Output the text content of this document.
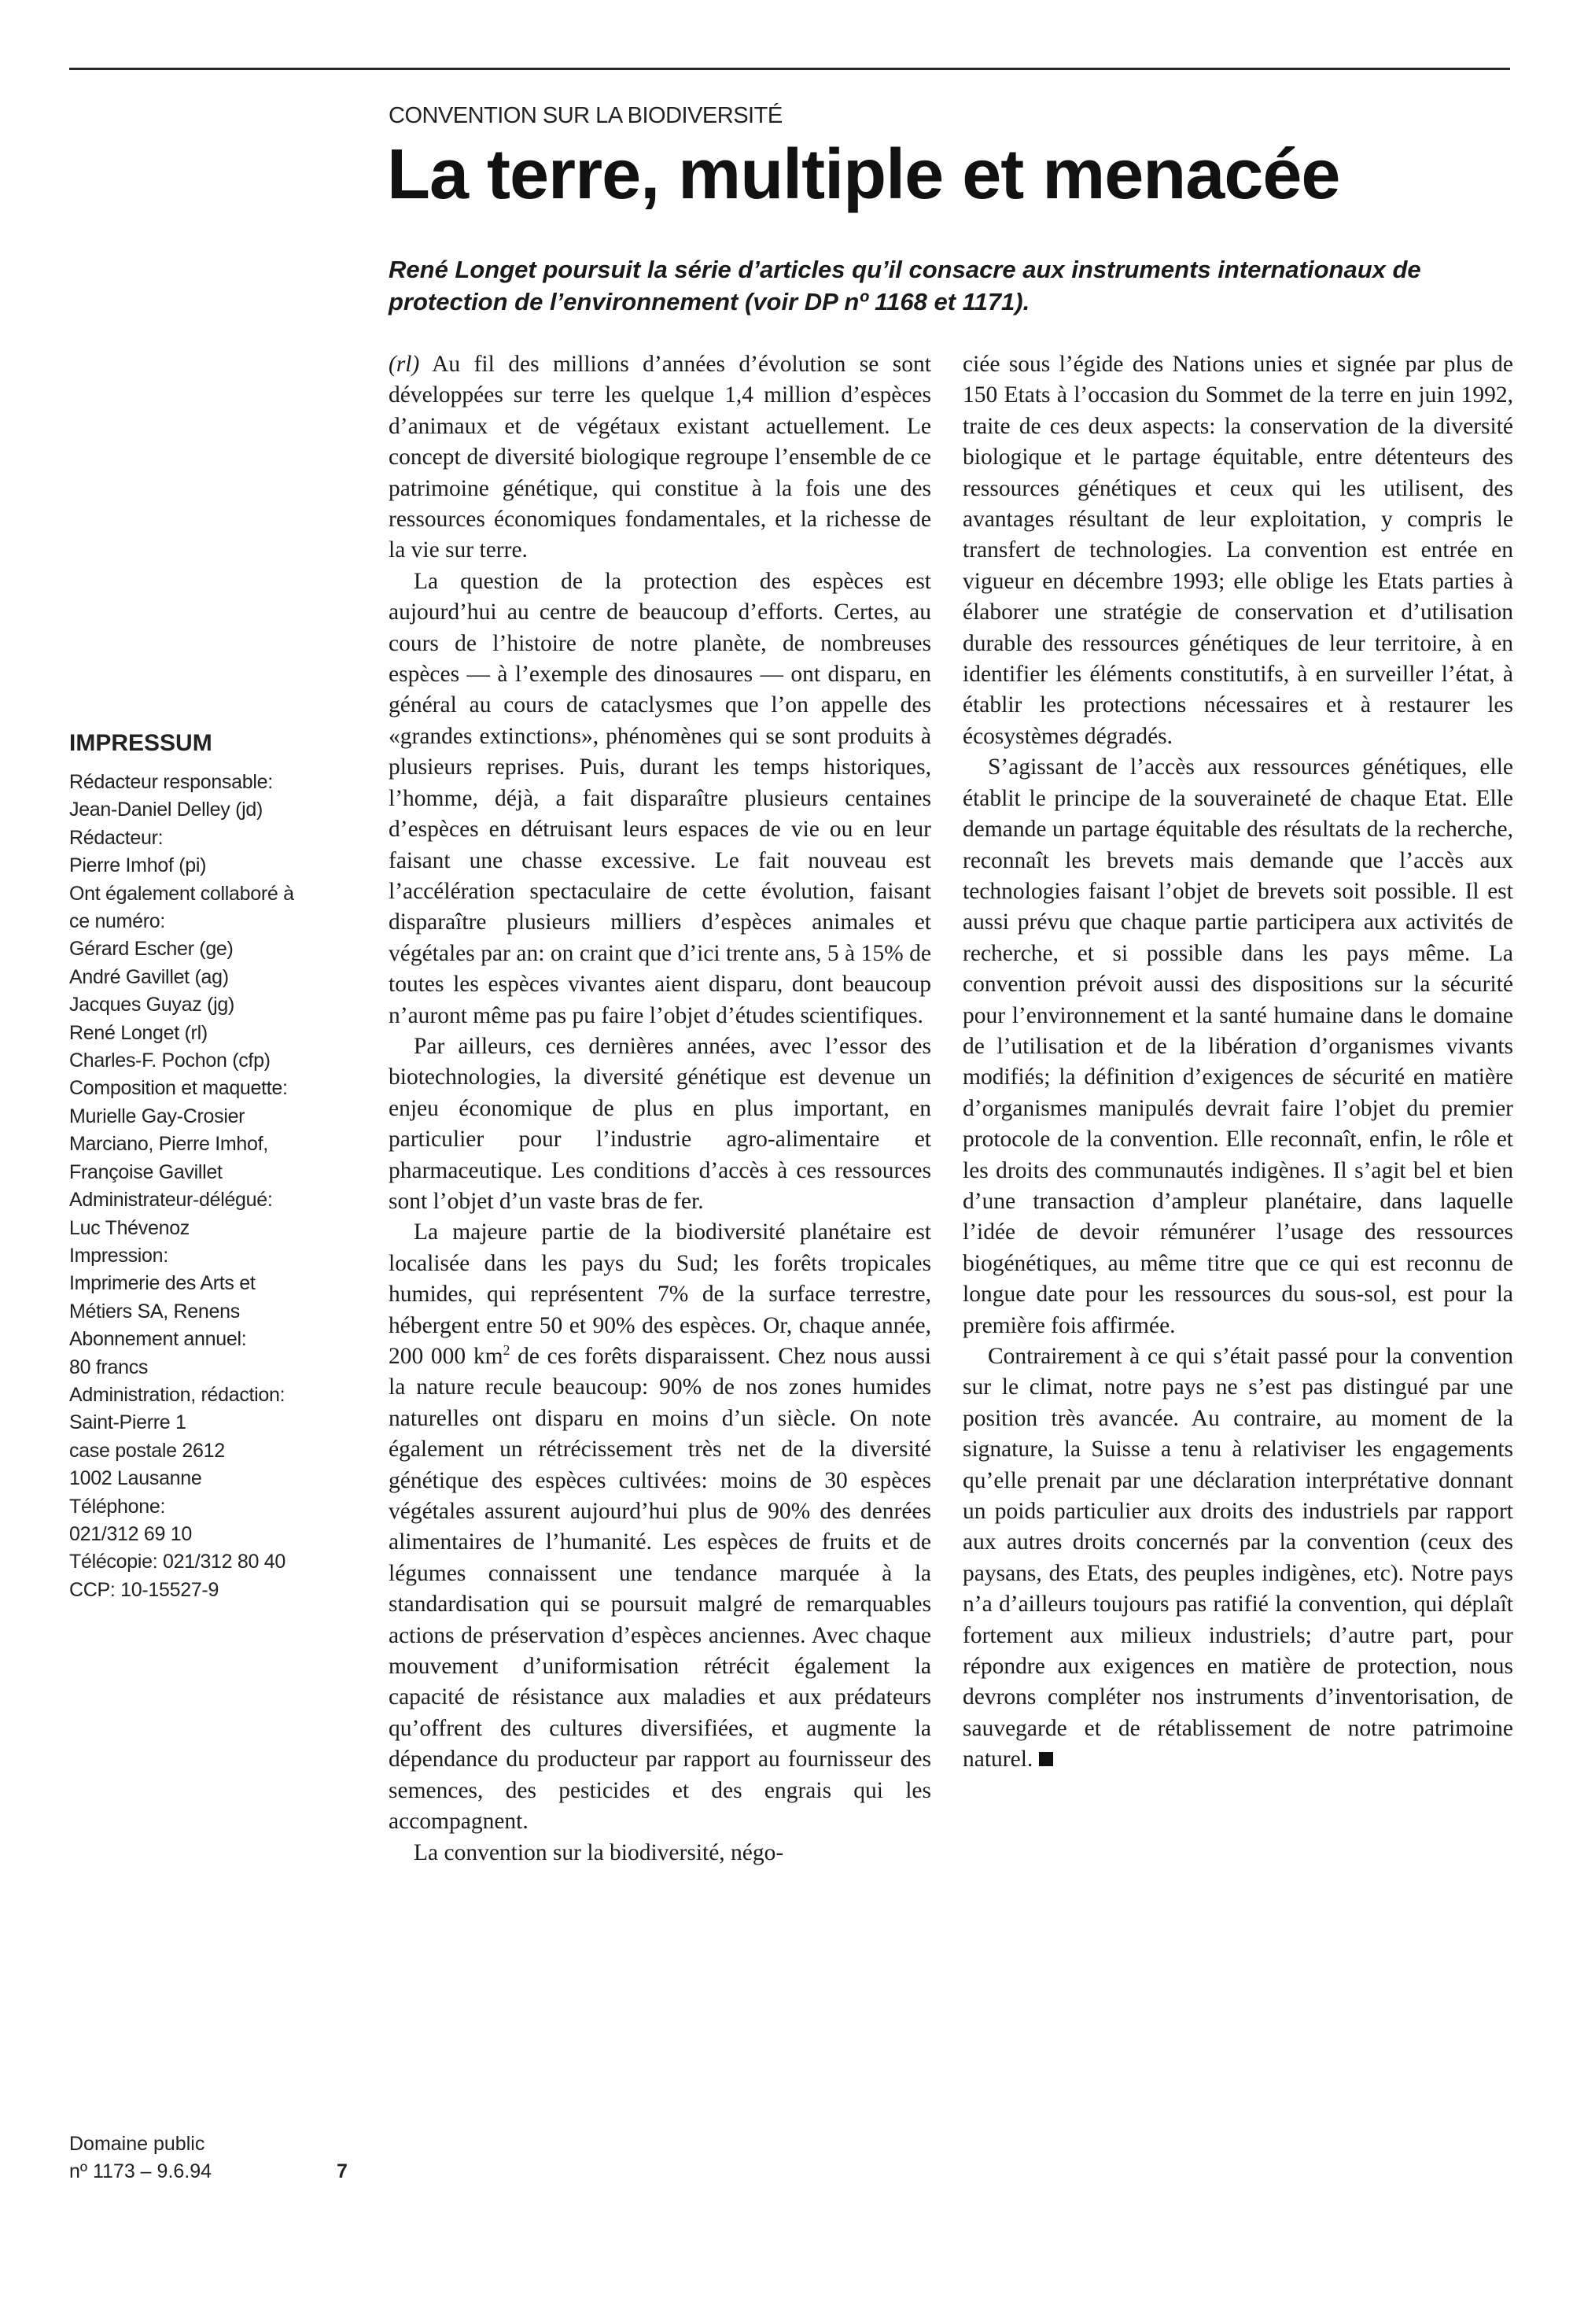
CONVENTION SUR LA BIODIVERSITÉ
La terre, multiple et menacée

René Longet poursuit la série d’articles qu’il consacre aux instruments internationaux de protection de l’environnement (voir DP nº 1168 et 1171).

IMPRESSUM
Rédacteur responsable:
Jean-Daniel Delley (jd)
Rédacteur:
Pierre Imhof (pi)
Ont également collaboré à
ce numéro:
Gérard Escher (ge)
André Gavillet (ag)
Jacques Guyaz (jg)
René Longet (rl)
Charles-F. Pochon (cfp)
Composition et maquette:
Murielle Gay-Crosier
Marciano, Pierre Imhof,
Françoise Gavillet
Administrateur-délégué:
Luc Thévenoz
Impression:
Imprimerie des Arts et
Métiers SA, Renens
Abonnement annuel:
80 francs
Administration, rédaction:
Saint-Pierre 1
case postale 2612
1002 Lausanne
Téléphone:
021/312 69 10
Télécopie: 021/312 80 40
CCP: 10-15527-9
Domaine public
nº 1173 – 9.6.94	7

(rl) Au fil des millions d’années d’évolution se sont développées sur terre les quelque 1,4 million d’espèces d’animaux et de végétaux existant actuellement. Le concept de diversité biologique regroupe l’ensemble de ce patrimoine génétique, qui constitue à la fois une des ressources économiques fondamentales, et la richesse de la vie sur terre.

La question de la protection des espèces est aujourd’hui au centre de beaucoup d’efforts. Certes, au cours de l’histoire de notre planète, de nombreuses espèces — à l’exemple des dinosaures — ont disparu, en général au cours de cataclysmes que l’on appelle des «grandes extinctions», phénomènes qui se sont produits à plusieurs reprises. Puis, durant les temps historiques, l’homme, déjà, a fait disparaître plusieurs centaines d’espèces en détruisant leurs espaces de vie ou en leur faisant une chasse excessive. Le fait nouveau est l’accélération spectaculaire de cette évolution, faisant disparaître plusieurs milliers d’espèces animales et végétales par an: on craint que d’ici trente ans, 5 à 15% de toutes les espèces vivantes aient disparu, dont beaucoup n’auront même pas pu faire l’objet d’études scientifiques.

Par ailleurs, ces dernières années, avec l’essor des biotechnologies, la diversité génétique est devenue un enjeu économique de plus en plus important, en particulier pour l’industrie agro-alimentaire et pharmaceutique. Les conditions d’accès à ces ressources sont l’objet d’un vaste bras de fer.

La majeure partie de la biodiversité planétaire est localisée dans les pays du Sud; les forêts tropicales humides, qui représentent 7% de la surface terrestre, hébergent entre 50 et 90% des espèces. Or, chaque année, 200 000 $km^2$ de ces forêts disparaissent. Chez nous aussi la nature recule beaucoup: 90% de nos zones humides naturelles ont disparu en moins d’un siècle. On note également un rétrécissement très net de la diversité génétique des espèces cultivées: moins de 30 espèces végétales assurent aujourd’hui plus de 90% des denrées alimentaires de l’humanité. Les espèces de fruits et de légumes connaissent une tendance marquée à la standardisation qui se poursuit malgré de remarquables actions de préservation d’espèces anciennes. Avec chaque mouvement d’uniformisation rétrécit également la capacité de résistance aux maladies et aux prédateurs qu’offrent des cultures diversifiées, et augmente la dépendance du producteur par rapport au fournisseur des semences, des pesticides et des engrais qui les accompagnent.

La convention sur la biodiversité, négo-

ciée sous l’égide des Nations unies et signée par plus de 150 Etats à l’occasion du Sommet de la terre en juin 1992, traite de ces deux aspects: la conservation de la diversité biologique et le partage équitable, entre détenteurs des ressources génétiques et ceux qui les utilisent, des avantages résultant de leur exploitation, y compris le transfert de technologies. La convention est entrée en vigueur en décembre 1993; elle oblige les Etats parties à élaborer une stratégie de conservation et d’utilisation durable des ressources génétiques de leur territoire, à en identifier les éléments constitutifs, à en surveiller l’état, à établir les protections nécessaires et à restaurer les écosystèmes dégradés.

S’agissant de l’accès aux ressources génétiques, elle établit le principe de la souveraineté de chaque Etat. Elle demande un partage équitable des résultats de la recherche, reconnaît les brevets mais demande que l’accès aux technologies faisant l’objet de brevets soit possible. Il est aussi prévu que chaque partie participera aux activités de recherche, et si possible dans les pays même. La convention prévoit aussi des dispositions sur la sécurité pour l’environnement et la santé humaine dans le domaine de l’utilisation et de la libération d’organismes vivants modifiés; la définition d’exigences de sécurité en matière d’organismes manipulés devrait faire l’objet du premier protocole de la convention. Elle reconnaît, enfin, le rôle et les droits des communautés indigènes. Il s’agit bel et bien d’une transaction d’ampleur planétaire, dans laquelle l’idée de devoir rémunérer l’usage des ressources biogénétiques, au même titre que ce qui est reconnu de longue date pour les ressources du sous-sol, est pour la première fois affirmée.

Contrairement à ce qui s’était passé pour la convention sur le climat, notre pays ne s’est pas distingué par une position très avancée. Au contraire, au moment de la signature, la Suisse a tenu à relativiser les engagements qu’elle prenait par une déclaration interprétative donnant un poids particulier aux droits des industriels par rapport aux autres droits concernés par la convention (ceux des paysans, des Etats, des peuples indigènes, etc). Notre pays n’a d’ailleurs toujours pas ratifié la convention, qui déplaît fortement aux milieux industriels; d’autre part, pour répondre aux exigences en matière de protection, nous devrons compléter nos instruments d’inventorisation, de sauvegarde et de rétablissement de notre patrimoine naturel.
